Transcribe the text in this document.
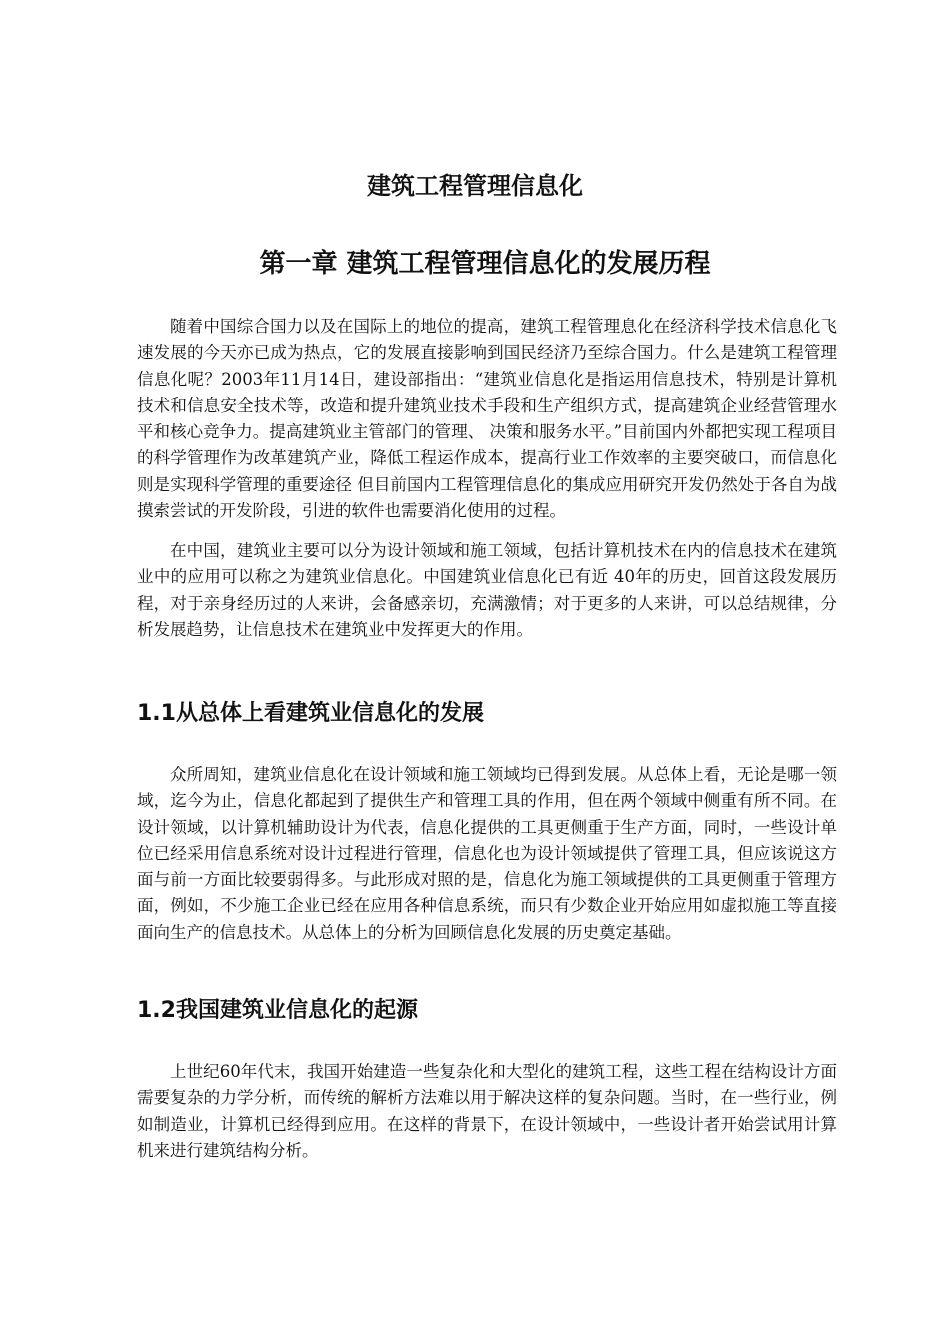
建筑工程管理信息化
第一章 建筑工程管理信息化的发展历程

随着中国综合国力以及在国际上的地位的提高，建筑工程管理息化在经济科学技术信息化飞速发展的今天亦已成为热点，它的发展直接影响到国民经济乃至综合国力。什么是建筑工程管理信息化呢？2003年11月14日，建设部指出：“建筑业信息化是指运用信息技术，特别是计算机技术和信息安全技术等，改造和提升建筑业技术手段和生产组织方式，提高建筑企业经营管理水平和核心竞争力。提高建筑业主管部门的管理、 决策和服务水平。”目前国内外都把实现工程项目的科学管理作为改革建筑产业，降低工程运作成本，提高行业工作效率的主要突破口，而信息化则是实现科学管理的重要途径 但目前国内工程管理信息化的集成应用研究开发仍然处于各自为战摸索尝试的开发阶段，引进的软件也需要消化使用的过程。

在中国，建筑业主要可以分为设计领域和施工领域，包括计算机技术在内的信息技术在建筑业中的应用可以称之为建筑业信息化。中国建筑业信息化已有近 40年的历史，回首这段发展历程，对于亲身经历过的人来讲，会备感亲切，充满激情；对于更多的人来讲，可以总结规律，分析发展趋势，让信息技术在建筑业中发挥更大的作用。

1.1从总体上看建筑业信息化的发展

众所周知，建筑业信息化在设计领域和施工领域均已得到发展。从总体上看，无论是哪一领域，迄今为止，信息化都起到了提供生产和管理工具的作用，但在两个领域中侧重有所不同。在设计领域，以计算机辅助设计为代表，信息化提供的工具更侧重于生产方面，同时，一些设计单位已经采用信息系统对设计过程进行管理，信息化也为设计领域提供了管理工具，但应该说这方面与前一方面比较要弱得多。与此形成对照的是，信息化为施工领域提供的工具更侧重于管理方面，例如，不少施工企业已经在应用各种信息系统，而只有少数企业开始应用如虚拟施工等直接面向生产的信息技术。从总体上的分析为回顾信息化发展的历史奠定基础。

1.2我国建筑业信息化的起源

上世纪60年代末，我国开始建造一些复杂化和大型化的建筑工程，这些工程在结构设计方面需要复杂的力学分析，而传统的解析方法难以用于解决这样的复杂问题。当时，在一些行业，例如制造业，计算机已经得到应用。在这样的背景下，在设计领域中，一些设计者开始尝试用计算机来进行建筑结构分析。
